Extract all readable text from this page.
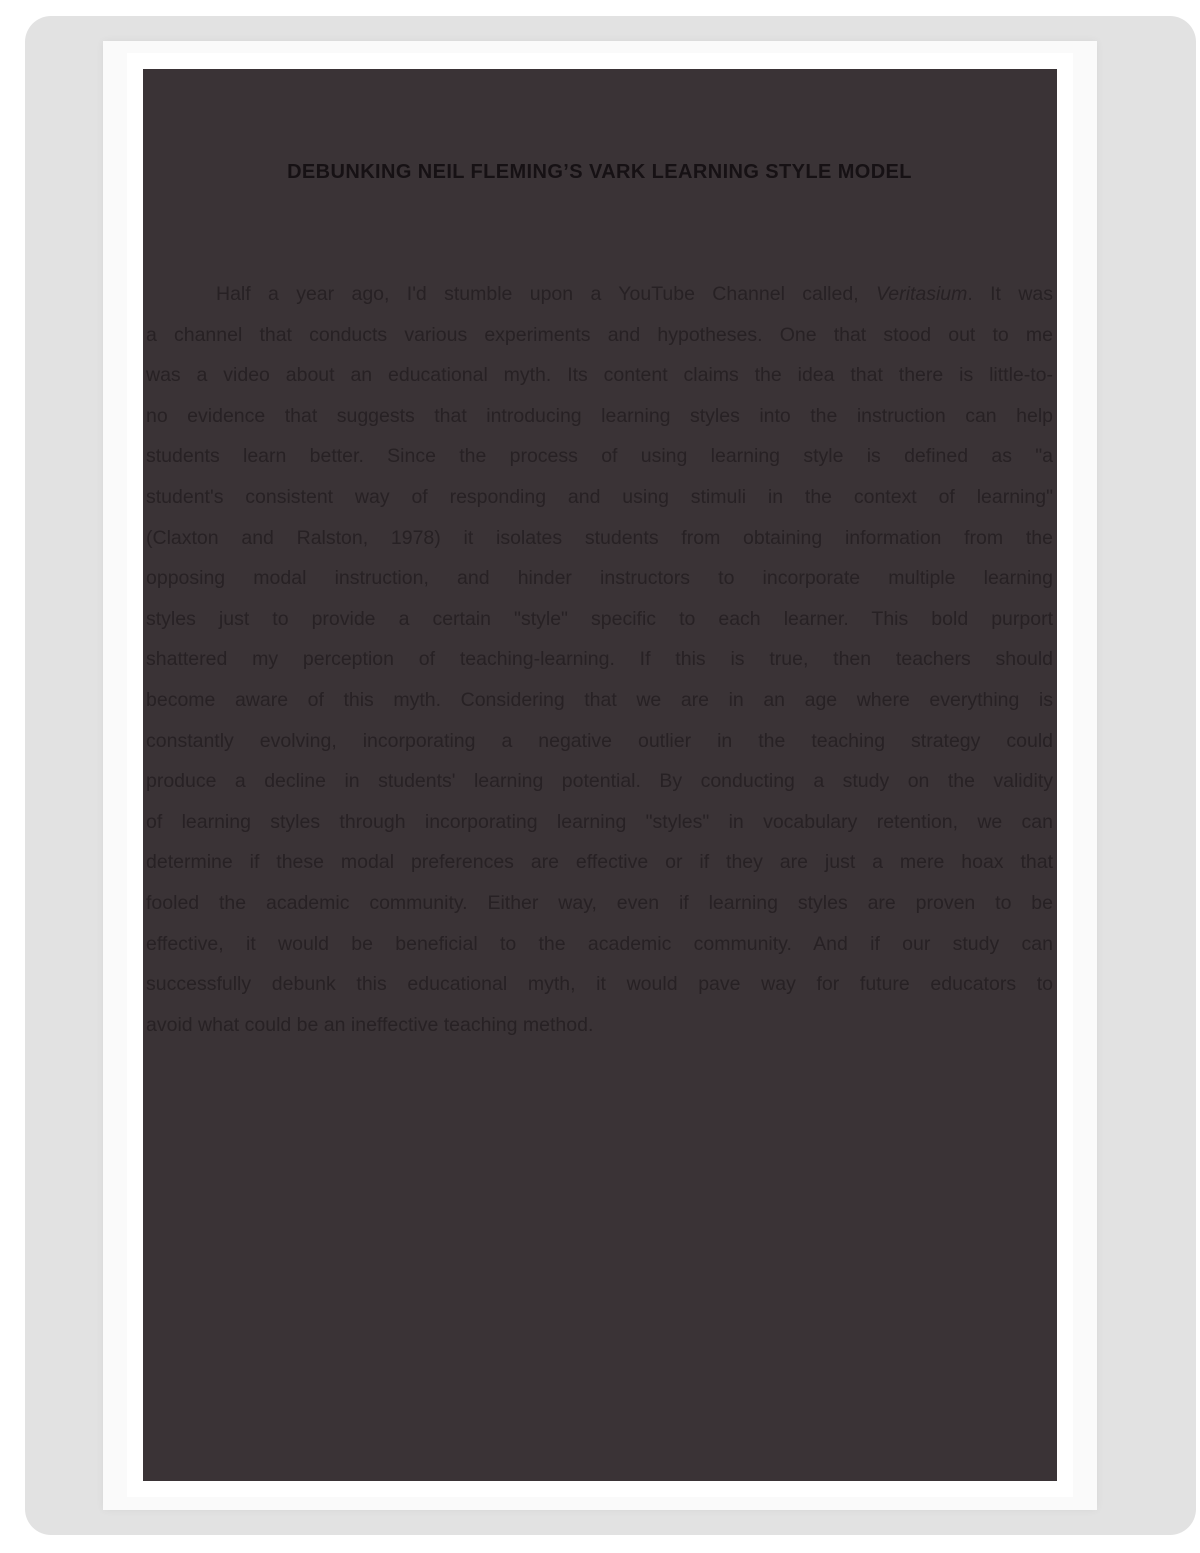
DEBUNKING NEIL FLEMING’S VARK LEARNING STYLE MODEL
Half a year ago, I'd stumble upon a YouTube Channel called, Veritasium. It was
a channel that conducts various experiments and hypotheses. One that stood out to me
was a video about an educational myth. Its content claims the idea that there is little-to-
no evidence that suggests that introducing learning styles into the instruction can help
students learn better. Since the process of using learning style is defined as "a
student's consistent way of responding and using stimuli in the context of learning"
(Claxton and Ralston, 1978) it isolates students from obtaining information from the
opposing modal instruction, and hinder instructors to incorporate multiple learning
styles just to provide a certain "style" specific to each learner. This bold purport
shattered my perception of teaching-learning. If this is true, then teachers should
become aware of this myth. Considering that we are in an age where everything is
constantly evolving, incorporating a negative outlier in the teaching strategy could
produce a decline in students' learning potential. By conducting a study on the validity
of learning styles through incorporating learning "styles" in vocabulary retention, we can
determine if these modal preferences are effective or if they are just a mere hoax that
fooled the academic community. Either way, even if learning styles are proven to be
effective, it would be beneficial to the academic community. And if our study can
successfully debunk this educational myth, it would pave way for future educators to
avoid what could be an ineffective teaching method.
